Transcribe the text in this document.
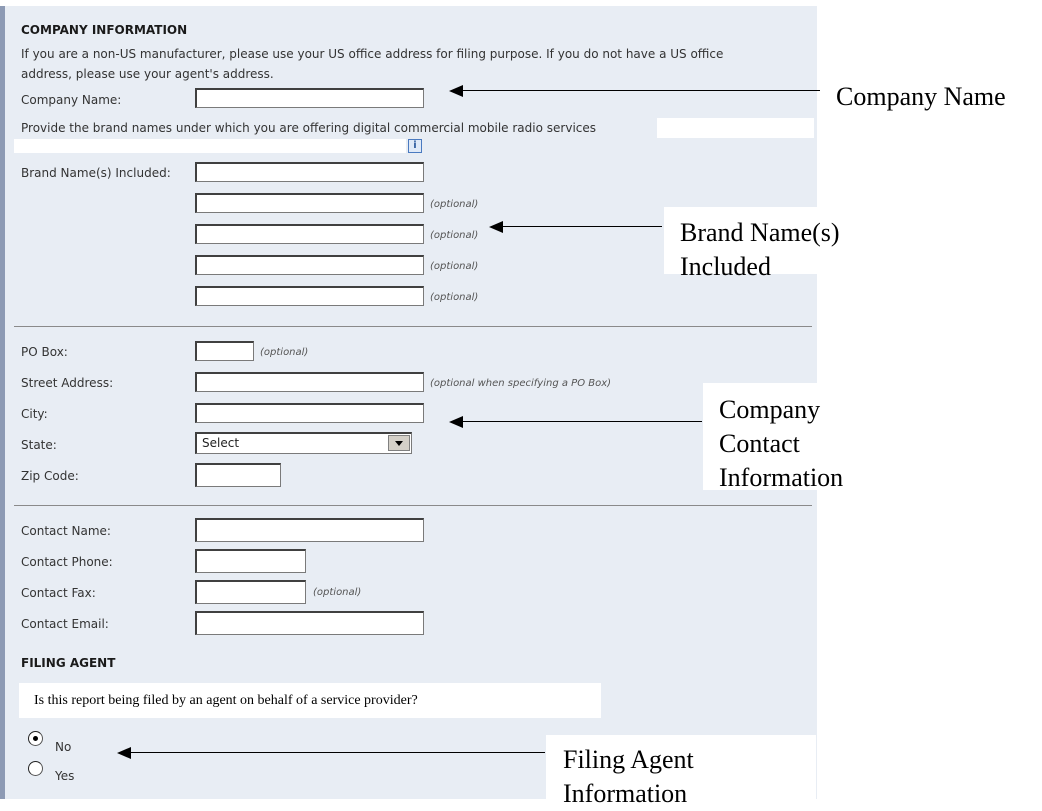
COMPANY INFORMATION
If you are a non-US manufacturer, please use your US office address for filing purpose. If you do not have a US office
address, please use your agent's address.
Company Name:
Provide the brand names under which you are offering digital commercial mobile radio services
i
Brand Name(s) Included:
(optional)
(optional)
(optional)
(optional)
PO Box:	(optional)
Street Address:	(optional when specifying a PO Box)
City:
State:	Select
Zip Code:
Contact Name:
Contact Phone:
Contact Fax:	(optional)
Contact Email:
FILING AGENT
Is this report being filed by an agent on behalf of a service provider?
No
Yes
Company Name
Brand Name(s) Included
Company Contact
Information
Filing Agent Information
